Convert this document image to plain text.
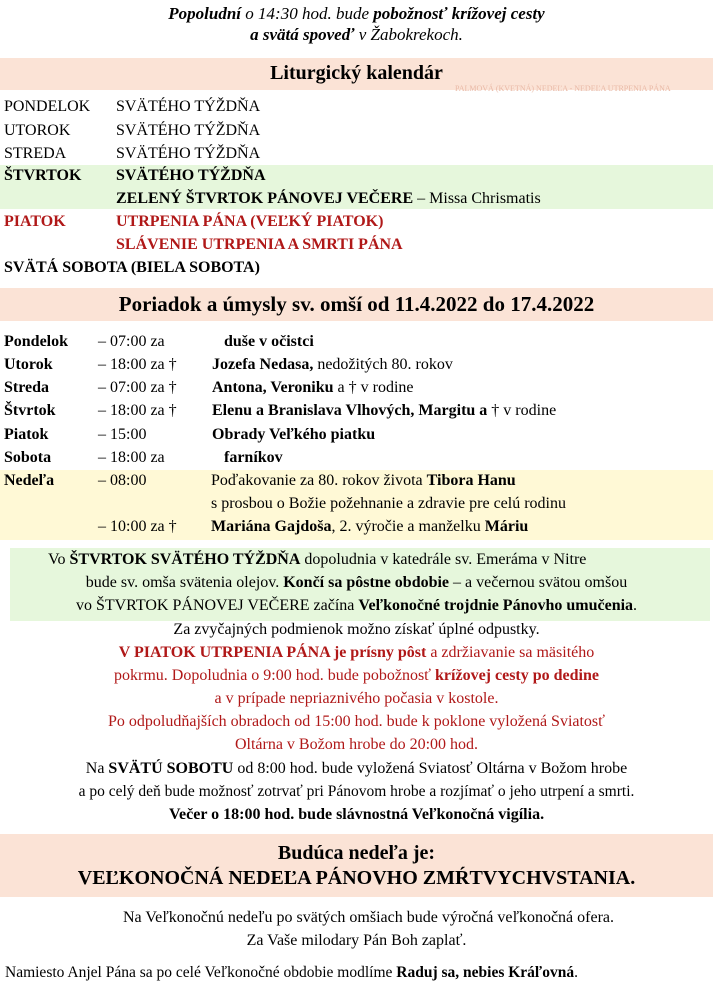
Popoludní o 14:30 hod. bude pobožnosť krížovej cesty
a svätá spoveď v Žabokrekoch.
Liturgický kalendár
PALMOVÁ (KVETNÁ) NEDEĽA - NEDEĽA UTRPENIA PÁNA
PONDELOK SVÄTÉHO TÝŽDŇA
UTOROK	SVÄTÉHO TÝŽDŇA
STREDA	SVÄTÉHO TÝŽDŇA
ŠTVRTOK SVÄTÉHO TÝŽDŇA
ZELENÝ ŠTVRTOK PÁNOVEJ VEČERE – Missa Chrismatis
PIATOK	UTRPENIA PÁNA (VEĽKÝ PIATOK)
SLÁVENIE UTRPENIA A SMRTI PÁNA
SVÄTÁ SOBOTA (BIELA SOBOTA)
Poriadok a úmysly sv. omší od 11.4.2022 do 17.4.2022
Pondelok – 07:00 za	duše v očistci
Utorok	– 18:00 za † Jozefa Nedasa, nedožitých 80. rokov
Streda	– 07:00 za † Antona, Veroniku a † v rodine
Štvrtok	– 18:00 za † Elenu a Branislava Vlhových, Margitu a † v rodine
Piatok	– 15:00	Obrady Veľkého piatku
Sobota	– 18:00 za	farníkov
Nedeľa	– 08:00	Poďakovanie za 80. rokov života Tibora Hanu
s prosbou o Božie požehnanie a zdravie pre celú rodinu
– 10:00 za † Mariána Gajdoša, 2. výročie a manželku Máriu
Vo ŠTVRTOK SVÄTÉHO TÝŽDŇA dopoludnia v katedrále sv. Emeráma v Nitre
bude sv. omša svätenia olejov. Končí sa pôstne obdobie – a večernou svätou omšou
vo ŠTVRTOK PÁNOVEJ VEČERE začína Veľkonočné trojdnie Pánovho umučenia.
Za zvyčajných podmienok možno získať úplné odpustky.
V PIATOK UTRPENIA PÁNA je prísny pôst a zdržiavanie sa mäsitého
pokrmu. Dopoludnia o 9:00 hod. bude pobožnosť krížovej cesty po dedine
a v prípade nepriaznivého počasia v kostole.
Po odpoludňajších obradoch od 15:00 hod. bude k poklone vyložená Sviatosť
Oltárna v Božom hrobe do 20:00 hod.
Na SVÄTÚ SOBOTU od 8:00 hod. bude vyložená Sviatosť Oltárna v Božom hrobe
a po celý deň bude možnosť zotrvať pri Pánovom hrobe a rozjímať o jeho utrpení a smrti.
Večer o 18:00 hod. bude slávnostná Veľkonočná vigília.
Budúca nedeľa je:
VEĽKONOČNÁ NEDEĽA PÁNOVHO ZMŔTVYCHVSTANIA.
Na Veľkonočnú nedeľu po svätých omšiach bude výročná veľkonočná ofera.
Za Vaše milodary Pán Boh zaplať.
Namiesto Anjel Pána sa po celé Veľkonočné obdobie modlíme Raduj sa, nebies Kráľovná.
